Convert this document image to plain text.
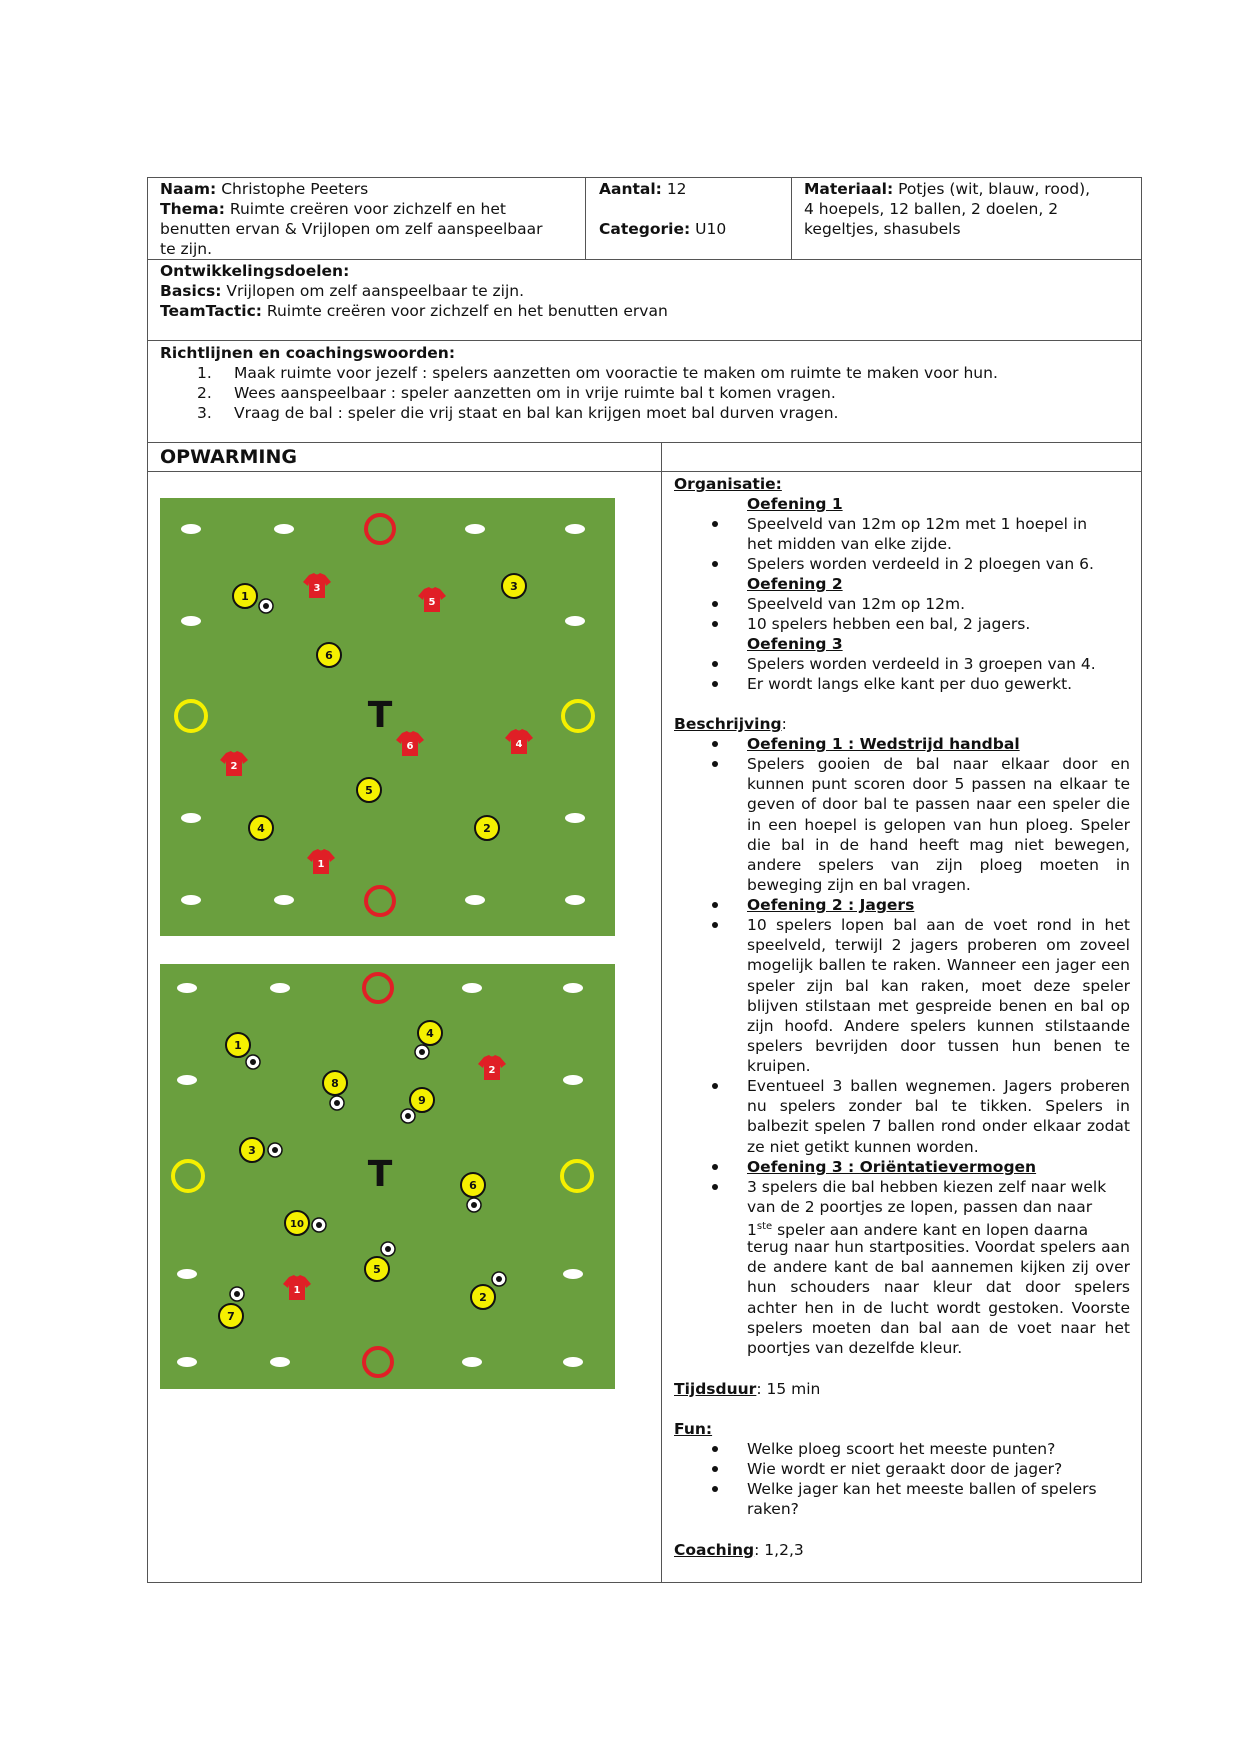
Naam: Christophe Peeters
Thema: Ruimte creëren voor zichzelf en het
benutten ervan & Vrijlopen om zelf aanspeelbaar
te zijn.
Aantal: 12
Categorie: U10
Materiaal: Potjes (wit, blauw, rood),
4 hoepels, 12 ballen, 2 doelen, 2
kegeltjes, shasubels
Ontwikkelingsdoelen:
Basics: Vrijlopen om zelf aanspeelbaar te zijn.
TeamTactic: Ruimte creëren voor zichzelf en het benutten ervan
Richtlijnen en coachingswoorden:
1. Maak ruimte voor jezelf : spelers aanzetten om vooractie te maken om ruimte te maken voor hun.
2. Wees aanspeelbaar : speler aanzetten om in vrije ruimte bal t komen vragen.
3. Vraag de bal : speler die vrij staat en bal kan krijgen moet bal durven vragen.
OPWARMING
T
3
5
6	4
2
1
1
3
6
5
4	2
T
2
1
1
4
8
9
3
6
10
5
7
2
Organisatie:
Oefening 1
Speelveld van 12m op 12m met 1 hoepel in
het midden van elke zijde.
Spelers worden verdeeld in 2 ploegen van 6.
Oefening 2
Speelveld van 12m op 12m.
10 spelers hebben een bal, 2 jagers.
Oefening 3
Spelers worden verdeeld in 3 groepen van 4.
Er wordt langs elke kant per duo gewerkt.
Beschrijving:
Oefening 1 : Wedstrijd handbal
Spelers gooien de bal naar elkaar door en kunnen punt scoren door 5 passen na elkaar te geven of door bal te passen naar een speler die in een hoepel is gelopen van hun ploeg. Speler die bal in de hand heeft mag niet bewegen, andere spelers van zijn ploeg moeten in beweging zijn en bal vragen.
Oefening 2 : Jagers
10 spelers lopen bal aan de voet rond in het speelveld, terwijl 2 jagers proberen om zoveel mogelijk ballen te raken. Wanneer een jager een speler zijn bal kan raken, moet deze speler blijven stilstaan met gespreide benen en bal op zijn hoofd. Andere spelers kunnen stilstaande spelers bevrijden door tussen hun benen te kruipen.
Eventueel 3 ballen wegnemen. Jagers proberen nu spelers zonder bal te tikken. Spelers in balbezit spelen 7 ballen rond onder elkaar zodat ze niet getikt kunnen worden.
Oefening 3 : Oriëntatievermogen
3 spelers die bal hebben kiezen zelf naar welk
van de 2 poortjes ze lopen, passen dan naar
1ste speler aan andere kant en lopen daarna
terug naar hun startposities. Voordat spelers aan de andere kant de bal aannemen kijken zij over hun schouders naar kleur dat door spelers achter hen in de lucht wordt gestoken. Voorste spelers moeten dan bal aan de voet naar het poortjes van dezelfde kleur.
Tijdsduur: 15 min
Fun:
Welke ploeg scoort het meeste punten?
Wie wordt er niet geraakt door de jager?
Welke jager kan het meeste ballen of spelers
raken?
Coaching: 1,2,3
